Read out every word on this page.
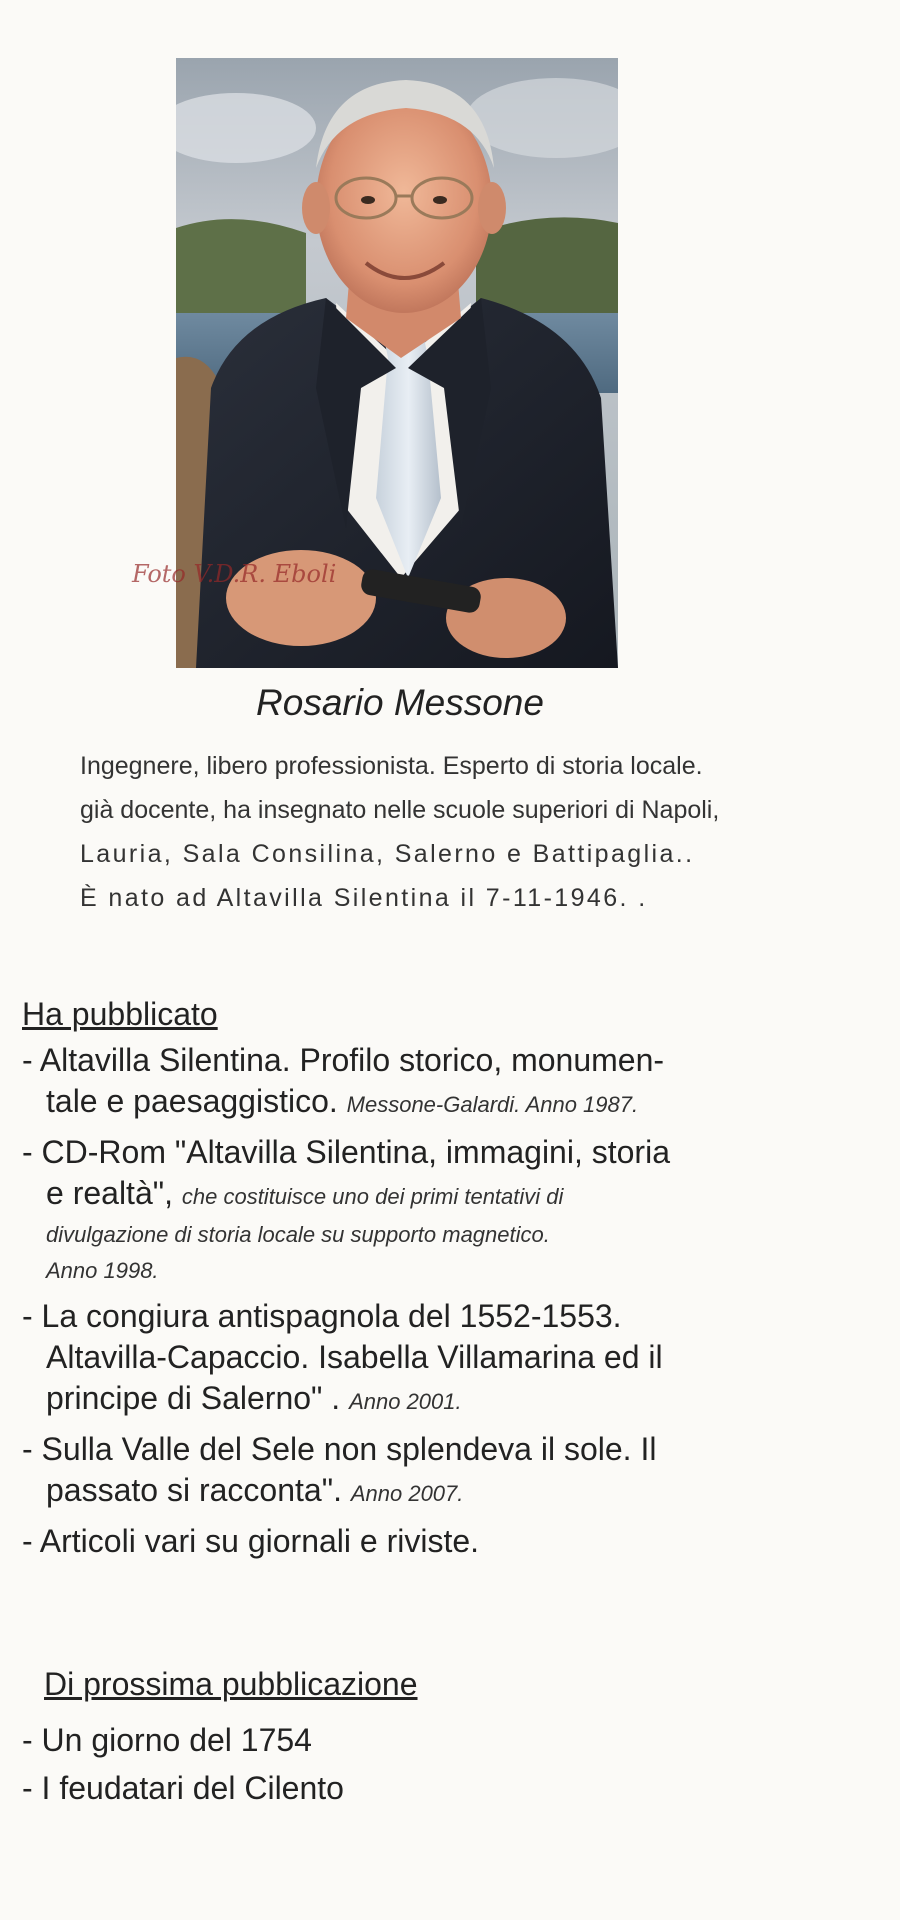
Foto V.D.R. Eboli
Rosario Messone
Ingegnere, libero professionista. Esperto di storia locale.
già docente, ha insegnato nelle scuole superiori di Napoli,
Lauria, Sala Consilina, Salerno e Battipaglia..
È nato ad Altavilla Silentina il 7-11-1946. .
Ha pubblicato
- Altavilla Silentina. Profilo storico, monumen-
tale e paesaggistico. Messone-Galardi. Anno 1987.
- CD-Rom "Altavilla Silentina, immagini, storia
e realtà", che costituisce uno dei primi tentativi di
divulgazione di storia locale su supporto magnetico.
Anno 1998.
- La congiura antispagnola del 1552-1553.
Altavilla-Capaccio. Isabella Villamarina ed il
principe di Salerno" . Anno 2001.
- Sulla Valle del Sele non splendeva il sole. Il
passato si racconta". Anno 2007.
- Articoli vari su giornali e riviste.
Di prossima pubblicazione
- Un giorno del 1754
- I feudatari del Cilento
